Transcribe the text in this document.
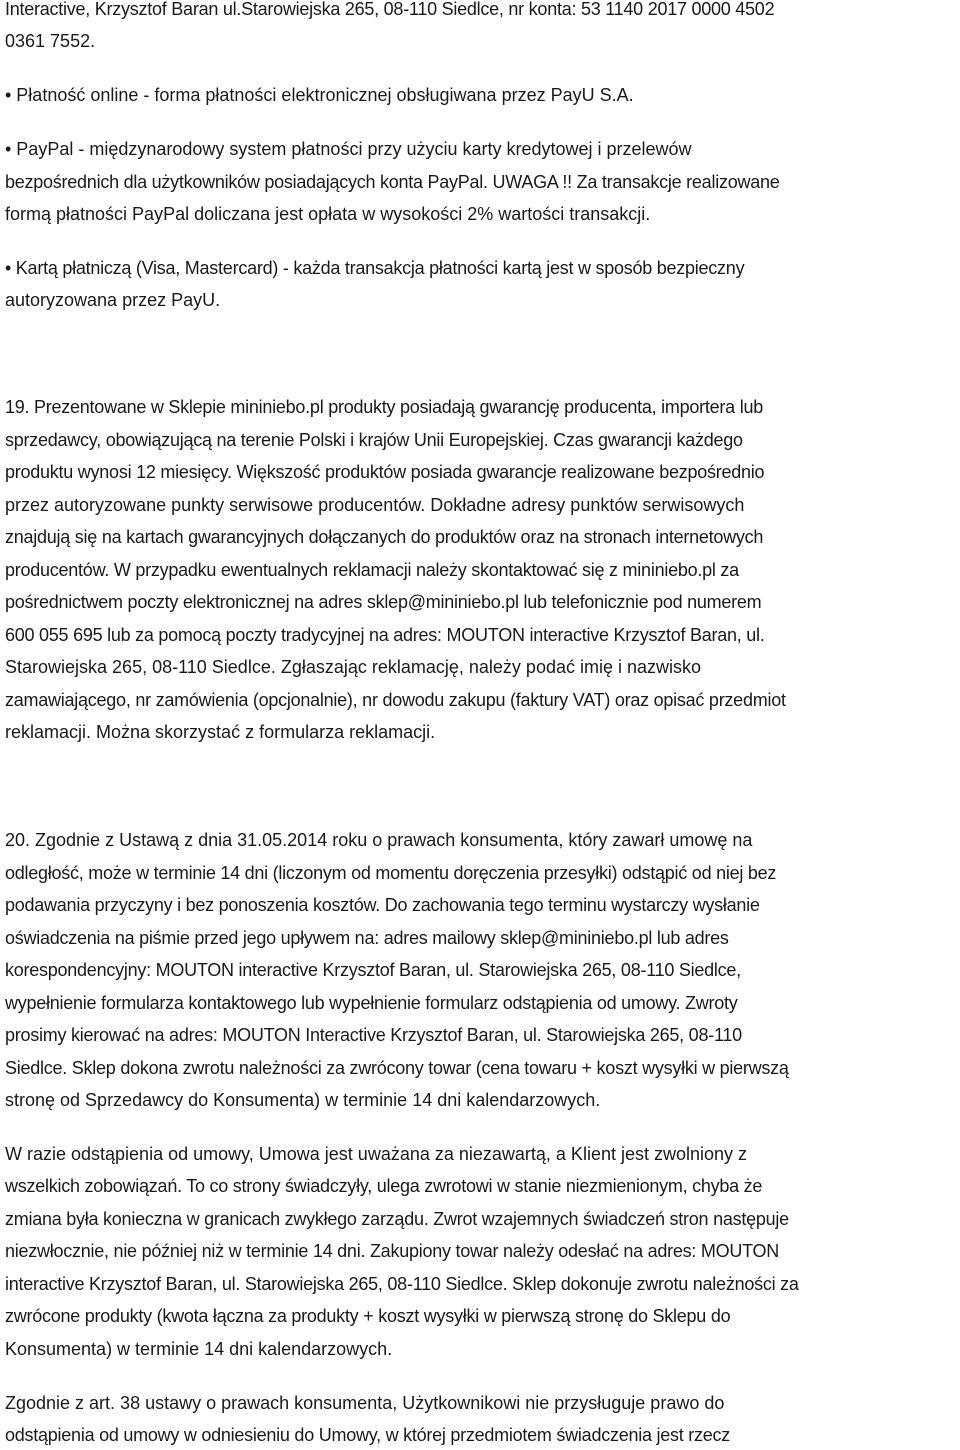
Interactive, Krzysztof Baran ul.Starowiejska 265, 08-110 Siedlce, nr konta: 53 1140 2017 0000 4502

0361 7552.

• Płatność online - forma płatności elektronicznej obsługiwana przez PayU S.A.

• PayPal - międzynarodowy system płatności przy użyciu karty kredytowej i przelewów

bezpośrednich dla użytkowników posiadających konta PayPal. UWAGA !! Za transakcje realizowane

formą płatności PayPal doliczana jest opłata w wysokości 2% wartości transakcji.

• Kartą płatniczą (Visa, Mastercard) - każda transakcja płatności kartą jest w sposób bezpieczny

autoryzowana przez PayU.

19. Prezentowane w Sklepie mininiebo.pl produkty posiadają gwarancję producenta, importera lub

sprzedawcy, obowiązującą na terenie Polski i krajów Unii Europejskiej. Czas gwarancji każdego

produktu wynosi 12 miesięcy. Większość produktów posiada gwarancje realizowane bezpośrednio

przez autoryzowane punkty serwisowe producentów. Dokładne adresy punktów serwisowych

znajdują się na kartach gwarancyjnych dołączanych do produktów oraz na stronach internetowych

producentów. W przypadku ewentualnych reklamacji należy skontaktować się z mininiebo.pl za

pośrednictwem poczty elektronicznej na adres sklep@mininiebo.pl lub telefonicznie pod numerem

600 055 695 lub za pomocą poczty tradycyjnej na adres: MOUTON interactive Krzysztof Baran, ul.

Starowiejska 265, 08-110 Siedlce. Zgłaszając reklamację, należy podać imię i nazwisko

zamawiającego, nr zamówienia (opcjonalnie), nr dowodu zakupu (faktury VAT) oraz opisać przedmiot

reklamacji. Można skorzystać z formularza reklamacji.

20. Zgodnie z Ustawą z dnia 31.05.2014 roku o prawach konsumenta, który zawarł umowę na

odległość, może w terminie 14 dni (liczonym od momentu doręczenia przesyłki) odstąpić od niej bez

podawania przyczyny i bez ponoszenia kosztów. Do zachowania tego terminu wystarczy wysłanie

oświadczenia na piśmie przed jego upływem na: adres mailowy sklep@mininiebo.pl lub adres

korespondencyjny: MOUTON interactive Krzysztof Baran, ul. Starowiejska 265, 08-110 Siedlce,

wypełnienie formularza kontaktowego lub wypełnienie formularz odstąpienia od umowy. Zwroty

prosimy kierować na adres: MOUTON Interactive Krzysztof Baran, ul. Starowiejska 265, 08-110

Siedlce. Sklep dokona zwrotu należności za zwrócony towar (cena towaru + koszt wysyłki w pierwszą

stronę od Sprzedawcy do Konsumenta) w terminie 14 dni kalendarzowych.

W razie odstąpienia od umowy, Umowa jest uważana za niezawartą, a Klient jest zwolniony z

wszelkich zobowiązań. To co strony świadczyły, ulega zwrotowi w stanie niezmienionym, chyba że

zmiana była konieczna w granicach zwykłego zarządu. Zwrot wzajemnych świadczeń stron następuje

niezwłocznie, nie później niż w terminie 14 dni. Zakupiony towar należy odesłać na adres: MOUTON

interactive Krzysztof Baran, ul. Starowiejska 265, 08-110 Siedlce. Sklep dokonuje zwrotu należności za

zwrócone produkty (kwota łączna za produkty + koszt wysyłki w pierwszą stronę do Sklepu do

Konsumenta) w terminie 14 dni kalendarzowych.

Zgodnie z art. 38 ustawy o prawach konsumenta, Użytkownikowi nie przysługuje prawo do

odstąpienia od umowy w odniesieniu do Umowy, w której przedmiotem świadczenia jest rzecz
